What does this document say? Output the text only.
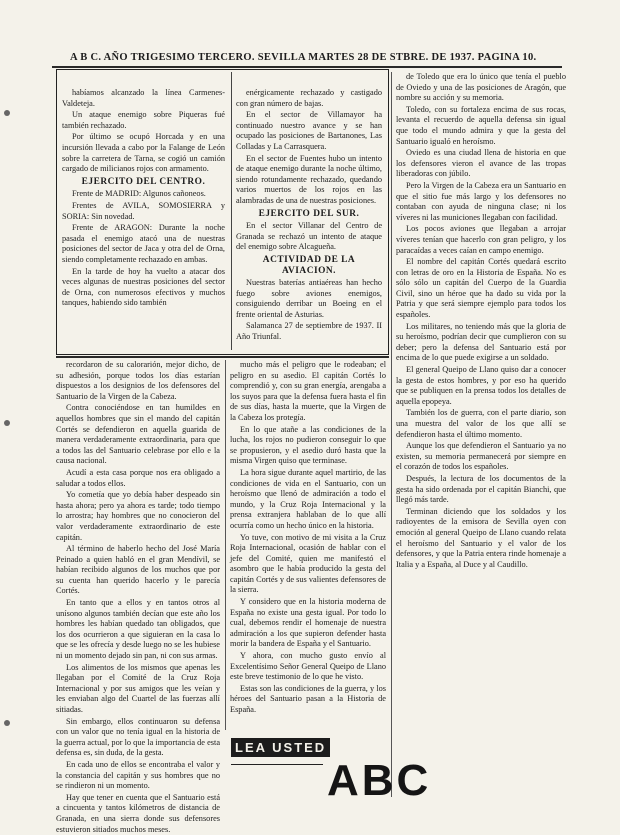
A B C. AÑO TRIGESIMO TERCERO. SEVILLA MARTES 28 DE STBRE. DE 1937. PAGINA 10.

habíamos alcanzado la línea Carmenes-Valdeteja.

Un ataque enemigo sobre Piqueras fué también rechazado.

Por último se ocupó Horcada y en una incursión llevada a cabo por la Falange de León sobre la carretera de Tarna, se cogió un camión cargado de milicianos rojos con armamento.

EJERCITO DEL CENTRO.

Frente de MADRID: Algunos cañoneos.

Frentes de AVILA, SOMOSIERRA y SORIA: Sin novedad.

Frente de ARAGON: Durante la noche pasada el enemigo atacó una de nuestras posiciones del sector de Jaca y otra del de Orna, siendo completamente rechazado en ambas.

En la tarde de hoy ha vuelto a atacar dos veces algunas de nuestras posiciones del sector de Orna, con numerosos efectivos y muchos tanques, habiendo sido también

enérgicamente rechazado y castigado con gran número de bajas.

En el sector de Villamayor ha continuado nuestro avance y se han ocupado las posiciones de Bartanones, Las Colladas y La Carrasquera.

En el sector de Fuentes hubo un intento de ataque enemigo durante la noche último, siendo rotundamente rechazado, quedando varios muertos de los rojos en las alambradas de una de nuestras posiciones.

EJERCITO DEL SUR.

En el sector Villanar del Centro de Granada se rechazó un intento de ataque del enemigo sobre Alcagueña.

ACTIVIDAD DE LA AVIACION.

Nuestras baterías antiaéreas han hecho fuego sobre aviones enemigos, consiguiendo derribar un Boeing en el frente oriental de Asturias.

Salamanca 27 de septiembre de 1937. II Año Triunfal.

recordaron de su calorarión, mejor dicho, de su adhesión, porque todos los días estarían dispuestos a los designios de los defensores del Santuario de la Virgen de la Cabeza.

Contra conociéndose en tan humildes en aquellos hombres que sin el mando del capitán Cortés se defendieron en aquella guarida de manera verdaderamente extraordinaria, para que a todos las del Santuario celebrase por ello e la causa nacional.

Acudí a esta casa porque nos era obligado a saludar a todos ellos.

Yo cometía que yo debía haber despeado sin hasta ahora; pero ya ahora es tarde; todo tiempo lo arrostra; hay hombres que no conocieron del valor verdaderamente extraordinario de este capitán.

Al término de haberlo hecho del José María Peinado a quien habló en el gran Mendívil, se habían recibido algunos de los muchos que por su cuenta han querido hacerlo y le parecía Cortés.

En tanto que a ellos y en tantos otros al unísono algunos también decían que este año los hombres les habían quedado tan obligados, que los dos ocurrieron a que siguieran en la casa lo que se les ofrecía y desde luego no se les hubiese ni un momento dejado sin pan, ni con sus armas.

Los alimentos de los mismos que apenas les llegaban por el Comité de la Cruz Roja Internacional y por sus amigos que les veían y les enviaban algo del Cuartel de las fuerzas allí sitiadas.

Sin embargo, ellos continuaron su defensa con un valor que no tenía igual en la historia de la guerra actual, por lo que la importancia de esta defensa es, sin duda, de la gesta.

En cada uno de ellos se encontraba el valor y la constancia del capitán y sus hombres que no se rindieron ni un momento.

Hay que tener en cuenta que el Santuario está a cincuenta y tantos kilómetros de distancia de Granada, en una sierra donde sus defensores estuvieron sitiados muchos meses.

mucho más el peligro que le rodeaban; el peligro en su asedio. El capitán Cortés lo comprendió y, con su gran energía, arengaba a los suyos para que la defensa fuera hasta el fin de sus días, hasta la muerte, que la Virgen de la Cabeza los protegía.

En lo que atañe a las condiciones de la lucha, los rojos no pudieron conseguir lo que se propusieron, y el asedio duró hasta que la misma Virgen quiso que terminase.

La hora sigue durante aquel martirio, de las condiciones de vida en el Santuario, con un heroísmo que llenó de admiración a todo el mundo, y la Cruz Roja Internacional y la prensa extranjera hablaban de lo que allí ocurría como un hecho único en la historia.

Yo tuve, con motivo de mi visita a la Cruz Roja Internacional, ocasión de hablar con el jefe del Comité, quien me manifestó el asombro que le había producido la gesta del capitán Cortés y de sus valientes defensores de la sierra.

Y considero que en la historia moderna de España no existe una gesta igual. Por todo lo cual, debemos rendir el homenaje de nuestra admiración a los que supieron defender hasta morir la bandera de España y el Santuario.

Y ahora, con mucho gusto envío al Excelentísimo Señor General Queipo de Llano este breve testimonio de lo que he visto.

Estas son las condiciones de la guerra, y los héroes del Santuario pasan a la Historia de España.

de Toledo que era lo único que tenía el pueblo de Oviedo y una de las posiciones de Aragón, que nombre su acción y su memoria.

Toledo, con su fortaleza encima de sus rocas, levanta el recuerdo de aquella defensa sin igual que todo el mundo admira y que la gesta del Santuario igualó en heroísmo.

Oviedo es una ciudad llena de historia en que los defensores vieron el avance de las tropas liberadoras con júbilo.

Pero la Virgen de la Cabeza era un Santuario en que el sitio fue más largo y los defensores no contaban con ayuda de ninguna clase; ni los víveres ni las municiones llegaban con facilidad.

Los pocos aviones que llegaban a arrojar víveres tenían que hacerlo con gran peligro, y los paracaídas a veces caían en campo enemigo.

El nombre del capitán Cortés quedará escrito con letras de oro en la Historia de España. No es sólo sólo un capitán del Cuerpo de la Guardia Civil, sino un héroe que ha dado su vida por la Patria y que será siempre ejemplo para todos los españoles.

Los militares, no teniendo más que la gloria de su heroísmo, podrían decir que cumplieron con su deber; pero la defensa del Santuario está por encima de lo que puede exigirse a un soldado.

El general Queipo de Llano quiso dar a conocer la gesta de estos hombres, y por eso ha querido que se publiquen en la prensa todos los detalles de aquella epopeya.

También los de guerra, con el parte diario, son una muestra del valor de los que allí se defendieron hasta el último momento.

Aunque los que defendieron el Santuario ya no existen, su memoria permanecerá por siempre en el corazón de todos los españoles.

Después, la lectura de los documentos de la gesta ha sido ordenada por el capitán Bianchi, que llegó más tarde.

Terminan diciendo que los soldados y los radioyentes de la emisora de Sevilla oyen con emoción al general Queipo de Llano cuando relata el heroísmo del Santuario y el valor de los defensores, y que la Patria entera rinde homenaje a Italia y a España, al Duce y al Caudillo.

LEA USTED
ABC
